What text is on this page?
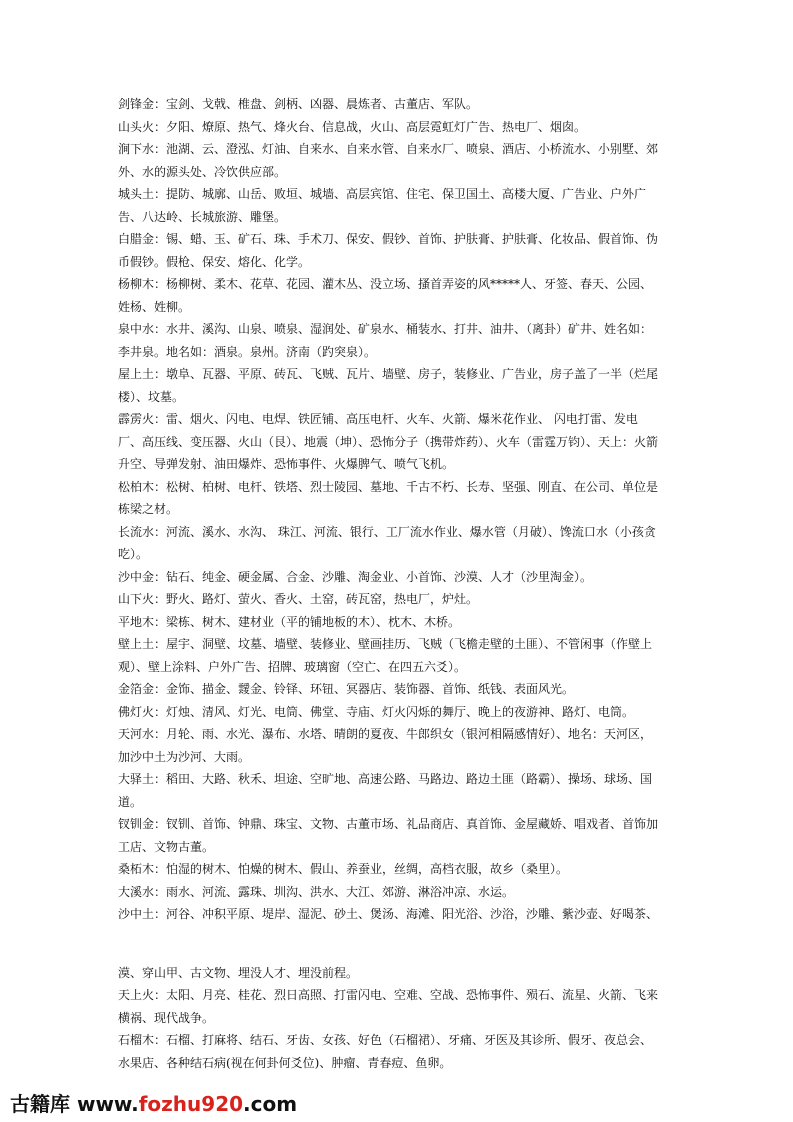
剑锋金：宝剑、戈戟、椎盘、剑柄、凶器、晨炼者、古董店、军队。

山头火：夕阳、燎原、热气、烽火台、信息战，火山、高层霓虹灯广告、热电厂、烟囱。

涧下水：池湖、云、澄泓、灯油、自来水、自来水管、自来水厂、喷泉、酒店、小桥流水、小别墅、郊外、水的源头处、冷饮供应部。

城头土：提防、城廓、山岳、败垣、城墙、高层宾馆、住宅、保卫国土、高楼大厦、广告业、户外广告、八达岭、长城旅游、雕堡。

白腊金：锡、蜡、玉、矿石、珠、手术刀、保安、假钞、首饰、护肤膏、护肤膏、化妆品、假首饰、伪币假钞。假枪、保安、熔化、化学。

杨柳木：杨柳树、柔木、花草、花园、灌木丛、没立场、搔首弄姿的风*****人、牙签、春天、公园、姓杨、姓柳。

泉中水：水井、溪沟、山泉、喷泉、湿润处、矿泉水、桶装水、打井、油井、（离卦）矿井、姓名如：李井泉。地名如：酒泉。泉州。济南（趵突泉）。

屋上土：墩阜、瓦器、平原、砖瓦、飞贼、瓦片、墙壁、房子，装修业、广告业，房子盖了一半（烂尾楼）、坟墓。

霹雳火：雷、烟火、闪电、电焊、铁匠铺、高压电杆、火车、火箭、爆米花作业、 闪电打雷、发电厂、高压线、变压器、火山（艮）、地震（坤）、恐怖分子（携带炸药）、火车（雷霆万钧）、天上：火箭升空、导弹发射、油田爆炸、恐怖事件、火爆脾气、喷气飞机。

松柏木：松树、柏树、电杆、铁塔、烈士陵园、墓地、千古不朽、长寿、坚强、刚直、在公司、单位是栋梁之材。

长流水：河流、溪水、水沟、 珠江、河流、银行、工厂流水作业、爆水管（月破）、馋流口水（小孩贪吃）。

沙中金：钻石、纯金、硬金属、合金、沙雕、淘金业、小首饰、沙漠、人才（沙里淘金）。

山下火：野火、路灯、萤火、香火、土窑，砖瓦窑，热电厂，炉灶。

平地木：梁栋、树木、建材业（平的铺地板的木）、枕木、木桥。

壁上土：屋宇、洞壁、坟墓、墙壁、装修业、壁画挂历、飞贼（飞檐走壁的土匪）、不管闲事（作壁上观）、壁上涂料、户外广告、招牌、玻璃窗（空亡、在四五六爻）。

金箔金：金饰、描金、靉金、铃铎、环钮、冥器店、装饰器、首饰、纸钱、表面风光。

佛灯火：灯烛、清风、灯光、电筒、佛堂、寺庙、灯火闪烁的舞厅、晚上的夜游神、路灯、电筒。

天河水：月轮、雨、水光、瀑布、水塔、晴朗的夏夜、牛郎织女（银河相隔感情好）、地名：天河区，加沙中土为沙河、大雨。

大驿土：稻田、大路、秋禾、坦途、空旷地、高速公路、马路边、路边土匪（路霸）、操场、球场、国道。

钗钏金：钗钏、首饰、钟鼎、珠宝、文物、古董市场、礼品商店、真首饰、金屋藏娇、唱戏者、首饰加工店、文物古董。

桑柘木：怕湿的树木、怕燥的树木、假山、养蚕业，丝绸，高档衣服，故乡（桑里）。

大溪水：雨水、河流、露珠、圳沟、洪水、大江、郊游、淋浴冲凉、水运。

沙中土：河谷、冲积平原、堤岸、湿泥、砂土、煲汤、海滩、阳光浴、沙浴，沙雕、紫沙壶、好喝茶、

漠、穿山甲、古文物、埋没人才、埋没前程。

天上火：太阳、月亮、桂花、烈日高照、打雷闪电、空难、空战、恐怖事件、殒石、流星、火箭、飞来横祸、现代战争。

石榴木：石榴、打麻将、结石、牙齿、女孩、好色（石榴裙）、牙痛、牙医及其诊所、假牙、夜总会、水果店、各种结石病(视在何卦何爻位)、肿瘤、青春痘、鱼卵。

古籍库 www.fozhu920.com
